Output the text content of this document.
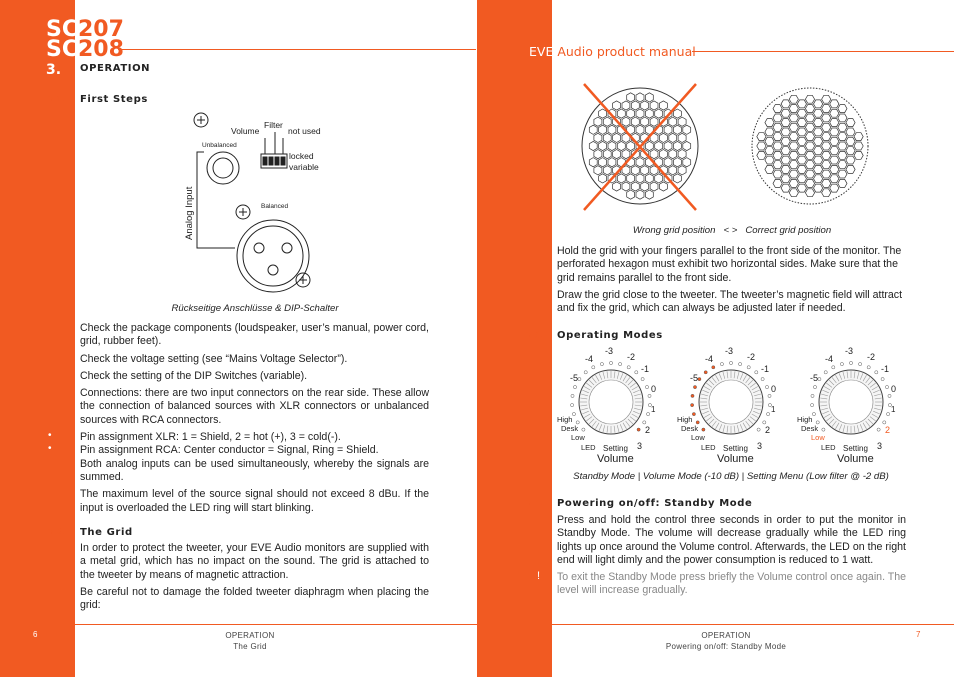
SC207
SC208
3. OPERATION
3.1. First Steps
Volume
Filter
not used
Unbalanced
locked
variable
Balanced
Analog Input
Rückseitige Anschlüsse & DIP-Schalter

Check the package components (loudspeaker, user’s manual, power cord, grid, rubber feet).

Check the voltage setting (see “Mains Voltage Selector”).

Check the setting of the DIP Switches (variable).

Connections: there are two input connectors on the rear side. These allow the connection of balanced sources with XLR connectors or unbalanced sources with RCA connectors.

Pin assignment XLR: 1 = Shield, 2 = hot (+), 3 = cold(-).

Pin assignment RCA: Center conductor = Signal, Ring = Shield.

Both analog inputs can be used simultaneously, whereby the signals are summed.

The maximum level of the source signal should not exceed 8 dBu. If the input is overloaded the LED ring will start blinking.

•
•
3.2. The Grid

In order to protect the tweeter, your EVE Audio monitors are supplied with a metal grid, which has no impact on the sound. The grid is attached to the tweeter by means of magnetic attraction.

Be careful not to damage the folded tweeter diaphragm when placing the grid:

6	OPERATION
The Grid
EVE Audio product manual
Wrong grid position   < >   Correct grid position

Hold the grid with your fingers parallel to the front side of the monitor. The perforated hexagon must exhibit two horizontal sides. Make sure that the grid remains parallel to the front side.

Draw the grid close to the tweeter. The tweeter’s magnetic field will attract and fix the grid, which can always be adjusted later if needed.

3.3. Operating Modes
-3
-4	-2
-1
-5
0
1
2
3
High
Desk
Low
LED Setting
Volume
-3
-4	-2
-1
-5
0
1
2
3
High
Desk
Low
LED Setting
Volume
-3
-4	-2
-1
-5
0
1
2
3
High
Desk
Low
LED Setting
Volume
Standby Mode | Volume Mode (-10 dB) | Setting Menu (Low filter @ -2 dB)
3.4. Powering on/off: Standby Mode
Press and hold the control three seconds in order to put the monitor in Standby Mode. The volume will decrease gradually while the LED ring lights up once around the Volume control. Afterwards, the LED on the right end will light dimly and the power consumption is reduced to 1 watt.
! To exit the Standby Mode press briefly the Volume control once again. The level will increase gradually.
OPERATION
Powering on/off: Standby Mode
7
